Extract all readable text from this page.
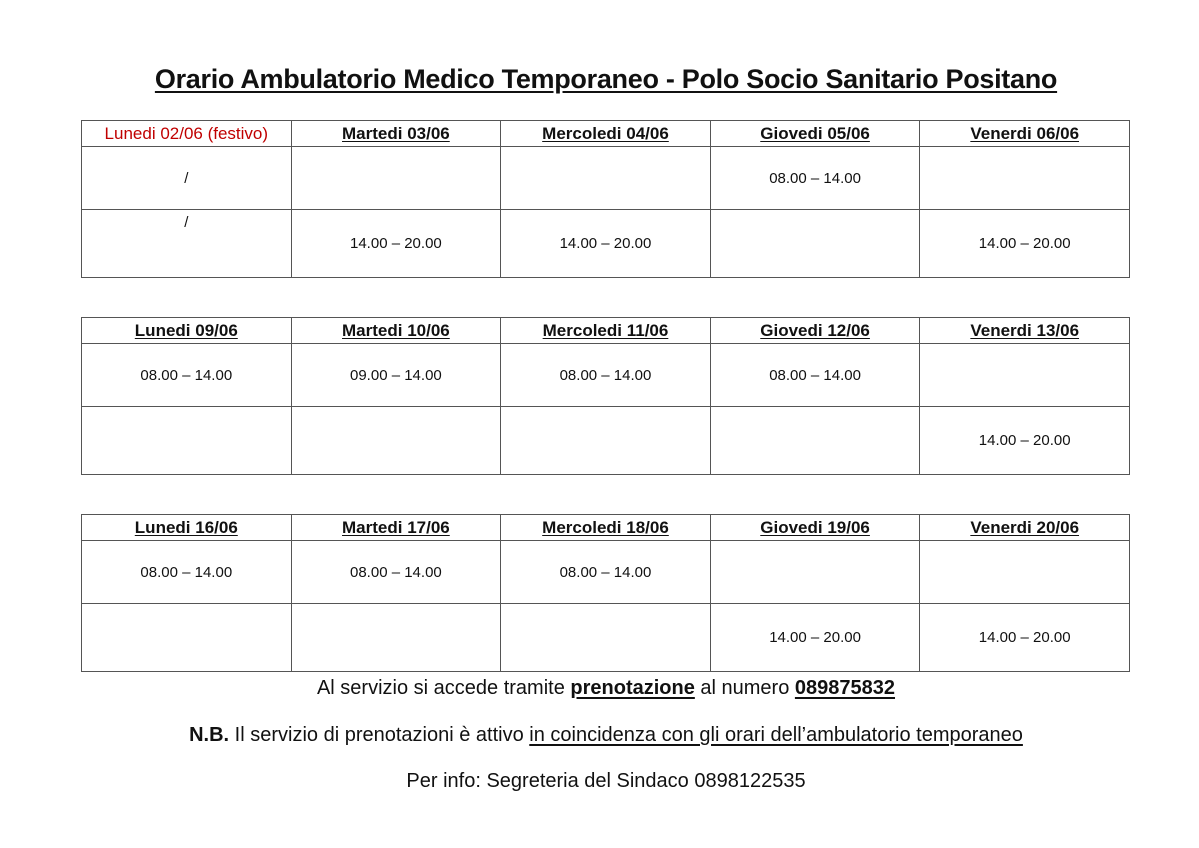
Orario Ambulatorio Medico Temporaneo - Polo Socio Sanitario Positano
Lunedi 02/06 (festivo)	Martedi 03/06	Mercoledi 04/06	Giovedi 05/06	Venerdi 06/06
/			08.00 – 14.00	
/	14.00 – 20.00	14.00 – 20.00		14.00 – 20.00
Lunedi 09/06	Martedi 10/06	Mercoledi 11/06	Giovedi 12/06	Venerdi 13/06
08.00 – 14.00	09.00 – 14.00	08.00 – 14.00	08.00 – 14.00	
				14.00 – 20.00
Lunedi 16/06	Martedi 17/06	Mercoledi 18/06	Giovedi 19/06	Venerdi 20/06
08.00 – 14.00	08.00 – 14.00	08.00 – 14.00		
			14.00 – 20.00	14.00 – 20.00
Al servizio si accede tramite prenotazione al numero 089875832
N.B. Il servizio di prenotazioni è attivo in coincidenza con gli orari dell’ambulatorio temporaneo
Per info: Segreteria del Sindaco 0898122535
